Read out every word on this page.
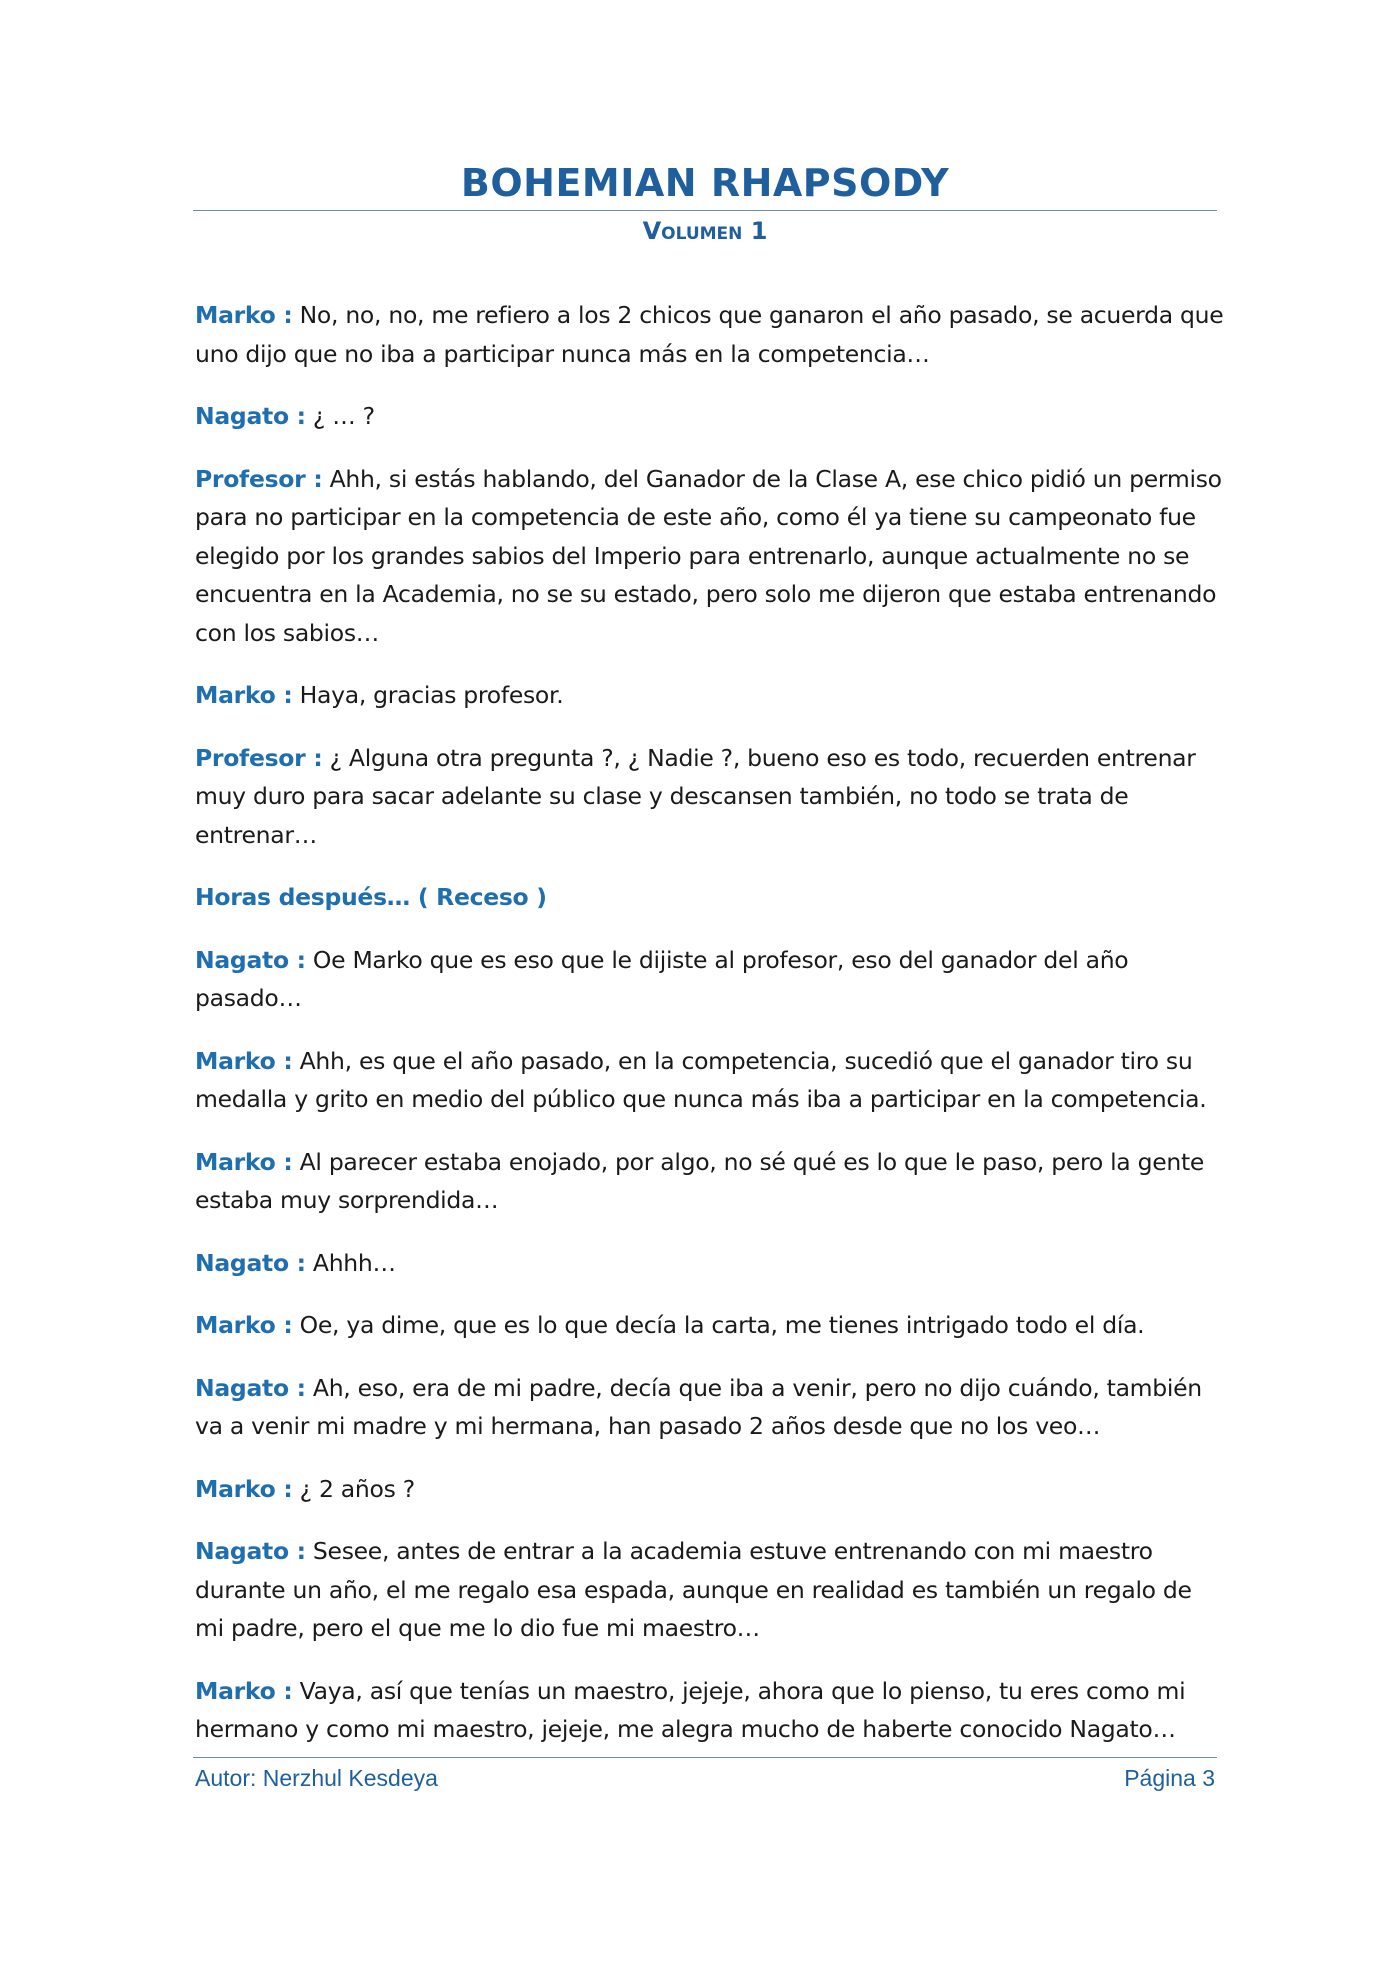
BOHEMIAN RHAPSODY
Volumen 1

Marko : No, no, no, me refiero a los 2 chicos que ganaron el año pasado, se acuerda que uno dijo que no iba a participar nunca más en la competencia…

Nagato : ¿ … ?

Profesor : Ahh, si estás hablando, del Ganador de la Clase A, ese chico pidió un permiso para no participar en la competencia de este año, como él ya tiene su campeonato fue elegido por los grandes sabios del Imperio para entrenarlo, aunque actualmente no se encuentra en la Academia, no se su estado, pero solo me dijeron que estaba entrenando con los sabios…

Marko : Haya, gracias profesor.

Profesor : ¿ Alguna otra pregunta ?, ¿ Nadie ?, bueno eso es todo, recuerden entrenar muy duro para sacar adelante su clase y descansen también, no todo se trata de entrenar…

Horas después… ( Receso )

Nagato : Oe Marko que es eso que le dijiste al profesor, eso del ganador del año pasado…

Marko : Ahh, es que el año pasado, en la competencia, sucedió que el ganador tiro su medalla y grito en medio del público que nunca más iba a participar en la competencia.

Marko : Al parecer estaba enojado, por algo, no sé qué es lo que le paso, pero la gente estaba muy sorprendida…

Nagato : Ahhh…

Marko : Oe, ya dime, que es lo que decía la carta, me tienes intrigado todo el día.

Nagato : Ah, eso, era de mi padre, decía que iba a venir, pero no dijo cuándo, también va a venir mi madre y mi hermana, han pasado 2 años desde que no los veo…

Marko : ¿ 2 años ?

Nagato : Sesee, antes de entrar a la academia estuve entrenando con mi maestro durante un año, el me regalo esa espada, aunque en realidad es también un regalo de mi padre, pero el que me lo dio fue mi maestro…

Marko : Vaya, así que tenías un maestro, jejeje, ahora que lo pienso, tu eres como mi hermano y como mi maestro, jejeje, me alegra mucho de haberte conocido Nagato…

Autor: Nerzhul Kesdeya	Página 3
